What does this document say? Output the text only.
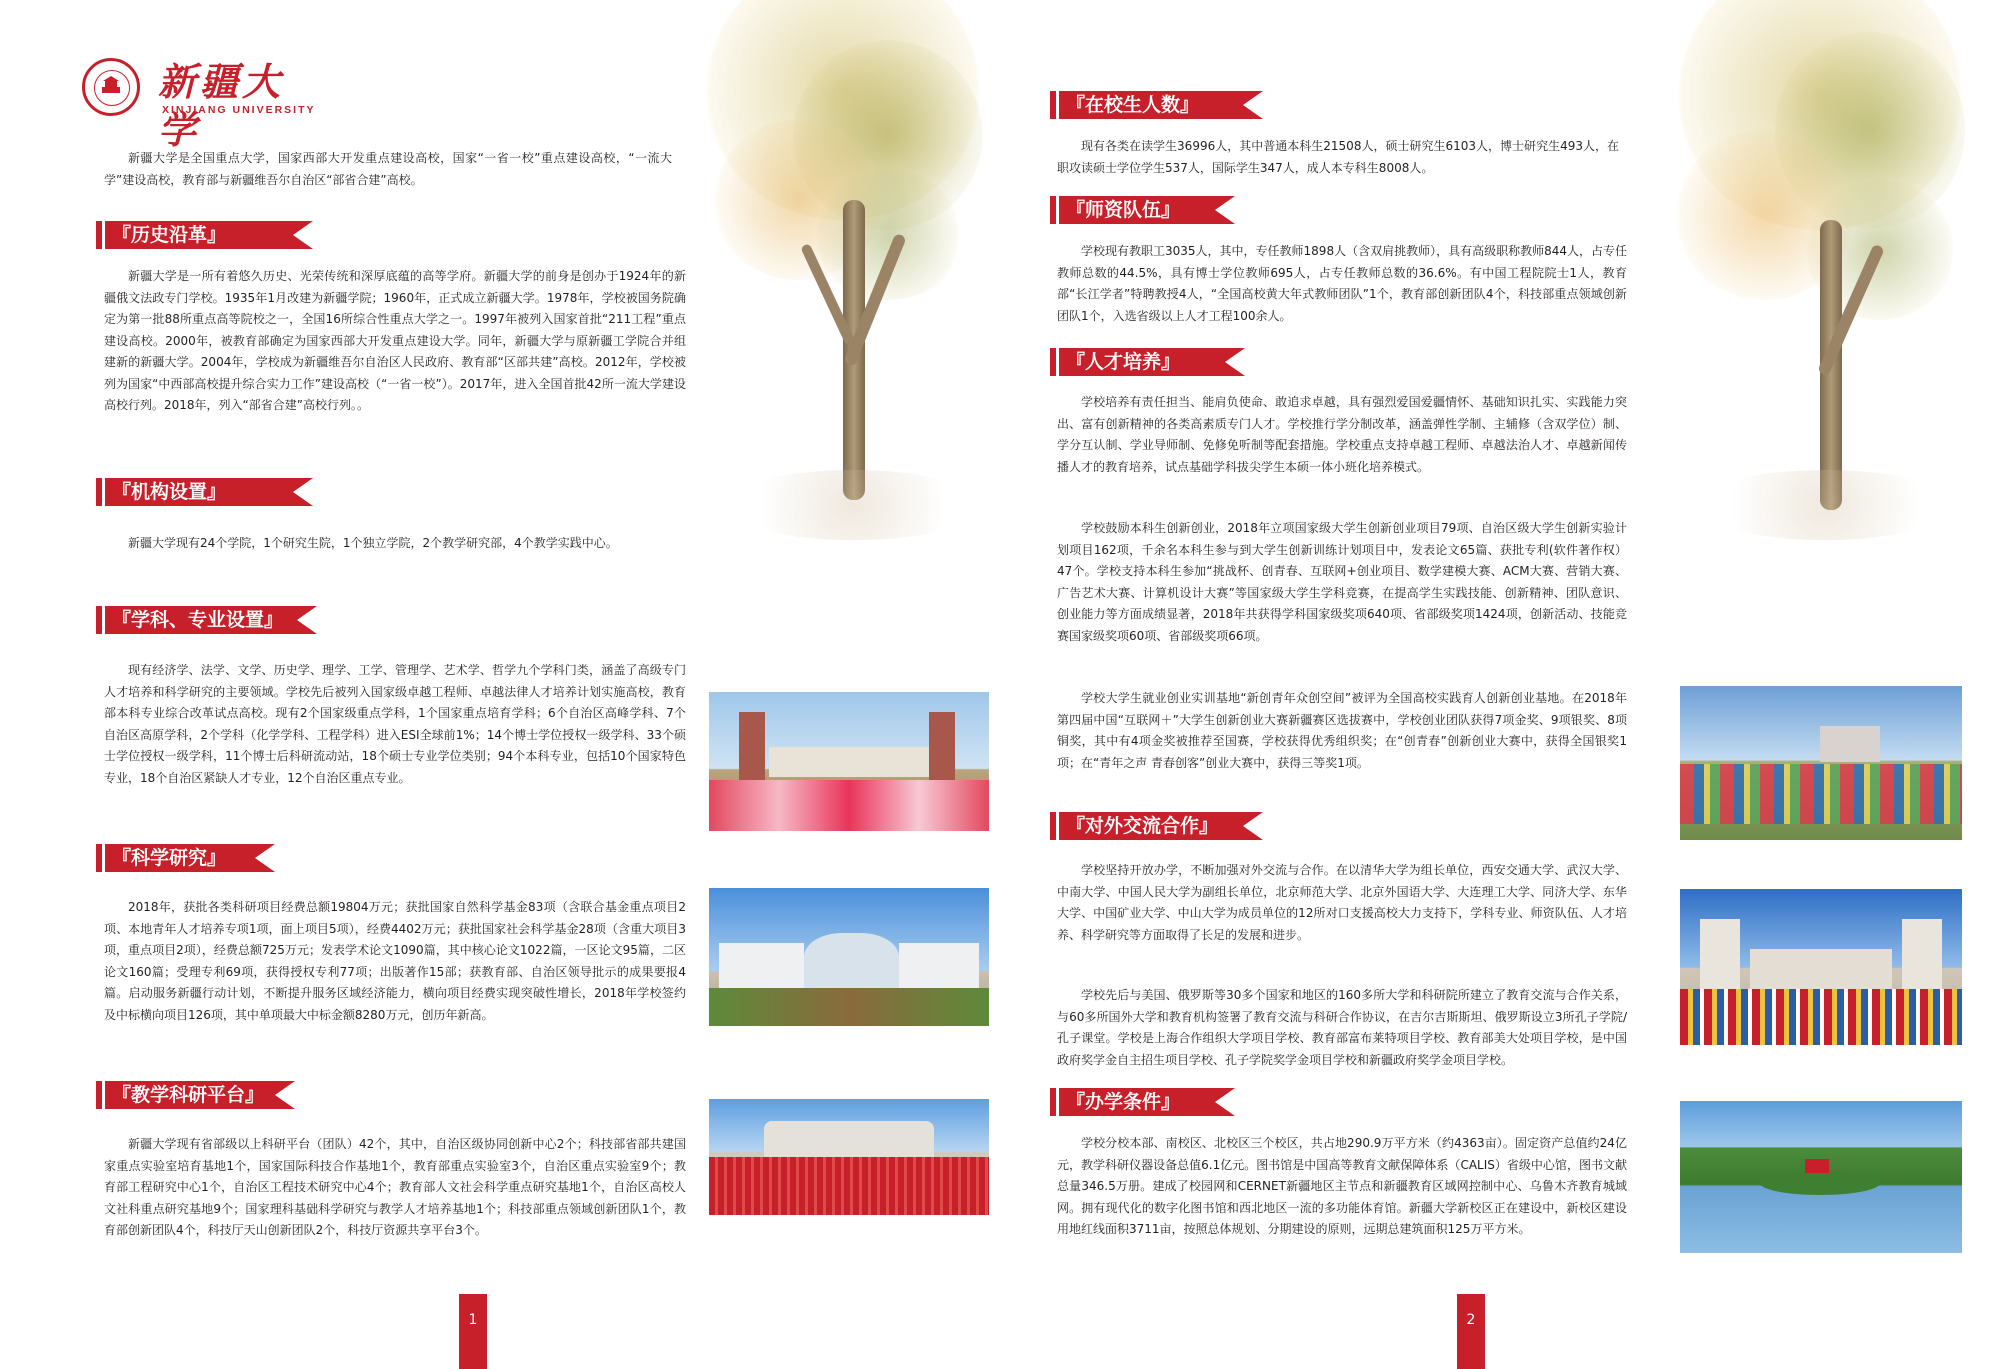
新疆大学
XINJIANG UNIVERSITY

新疆大学是全国重点大学，国家西部大开发重点建设高校，国家“一省一校”重点建设高校，“一流大学”建设高校，教育部与新疆维吾尔自治区“部省合建”高校。

『历史沿革』

新疆大学是一所有着悠久历史、光荣传统和深厚底蕴的高等学府。新疆大学的前身是创办于1924年的新疆俄文法政专门学校。1935年1月改建为新疆学院；1960年，正式成立新疆大学。1978年，学校被国务院确定为第一批88所重点高等院校之一，全国16所综合性重点大学之一。1997年被列入国家首批“211工程”重点建设高校。2000年，被教育部确定为国家西部大开发重点建设大学。同年，新疆大学与原新疆工学院合并组建新的新疆大学。2004年，学校成为新疆维吾尔自治区人民政府、教育部“区部共建”高校。2012年，学校被列为国家“中西部高校提升综合实力工作”建设高校（“一省一校”）。2017年，进入全国首批42所一流大学建设高校行列。2018年，列入“部省合建”高校行列。。

『机构设置』

新疆大学现有24个学院，1个研究生院，1个独立学院，2个教学研究部，4个教学实践中心。

『学科、专业设置』

现有经济学、法学、文学、历史学、理学、工学、管理学、艺术学、哲学九个学科门类，涵盖了高级专门人才培养和科学研究的主要领域。学校先后被列入国家级卓越工程师、卓越法律人才培养计划实施高校，教育部本科专业综合改革试点高校。现有2个国家级重点学科，1个国家重点培育学科；6个自治区高峰学科、7个自治区高原学科，2个学科（化学学科、工程学科）进入ESI全球前1%；14个博士学位授权一级学科、33个硕士学位授权一级学科，11个博士后科研流动站，18个硕士专业学位类别；94个本科专业，包括10个国家特色专业，18个自治区紧缺人才专业，12个自治区重点专业。

『科学研究』

2018年，获批各类科研项目经费总额19804万元；获批国家自然科学基金83项（含联合基金重点项目2项、本地青年人才培养专项1项，面上项目5项），经费4402万元；获批国家社会科学基金28项（含重大项目3项，重点项目2项），经费总额725万元；发表学术论文1090篇，其中核心论文1022篇，一区论文95篇，二区论文160篇；受理专利69项，获得授权专利77项；出版著作15部；获教育部、自治区领导批示的成果要报4篇。启动服务新疆行动计划，不断提升服务区域经济能力，横向项目经费实现突破性增长，2018年学校签约及中标横向项目126项，其中单项最大中标金额8280万元，创历年新高。

『教学科研平台』

新疆大学现有省部级以上科研平台（团队）42个，其中，自治区级协同创新中心2个；科技部省部共建国家重点实验室培育基地1个，国家国际科技合作基地1个，教育部重点实验室3个，自治区重点实验室9个；教育部工程研究中心1个，自治区工程技术研究中心4个；教育部人文社会科学重点研究基地1个，自治区高校人文社科重点研究基地9个；国家理科基础科学研究与教学人才培养基地1个；科技部重点领域创新团队1个，教育部创新团队4个，科技厅天山创新团队2个，科技厅资源共享平台3个。

1
『在校生人数』

现有各类在读学生36996人，其中普通本科生21508人，硕士研究生6103人，博士研究生493人，在职攻读硕士学位学生537人，国际学生347人，成人本专科生8008人。

『师资队伍』

学校现有教职工3035人，其中，专任教师1898人（含双肩挑教师），具有高级职称教师844人，占专任教师总数的44.5%，具有博士学位教师695人，占专任教师总数的36.6%。有中国工程院院士1人，教育部“长江学者”特聘教授4人，“全国高校黄大年式教师团队”1个，教育部创新团队4个，科技部重点领域创新团队1个，入选省级以上人才工程100余人。

『人才培养』

学校培养有责任担当、能肩负使命、敢追求卓越，具有强烈爱国爱疆情怀、基础知识扎实、实践能力突出、富有创新精神的各类高素质专门人才。学校推行学分制改革，涵盖弹性学制、主辅修（含双学位）制、学分互认制、学业导师制、免修免听制等配套措施。学校重点支持卓越工程师、卓越法治人才、卓越新闻传播人才的教育培养，试点基础学科拔尖学生本硕一体小班化培养模式。

学校鼓励本科生创新创业，2018年立项国家级大学生创新创业项目79项、自治区级大学生创新实验计划项目162项，千余名本科生参与到大学生创新训练计划项目中，发表论文65篇、获批专利(软件著作权）47个。学校支持本科生参加“挑战杯、创青春、互联网+创业项目、数学建模大赛、ACM大赛、营销大赛、广告艺术大赛、计算机设计大赛”等国家级大学生学科竞赛，在提高学生实践技能、创新精神、团队意识、创业能力等方面成绩显著，2018年共获得学科国家级奖项640项、省部级奖项1424项，创新活动、技能竞赛国家级奖项60项、省部级奖项66项。

学校大学生就业创业实训基地“新创青年众创空间”被评为全国高校实践育人创新创业基地。在2018年第四届中国“互联网＋”大学生创新创业大赛新疆赛区选拔赛中，学校创业团队获得7项金奖、9项银奖、8项铜奖，其中有4项金奖被推荐至国赛，学校获得优秀组织奖；在“创青春”创新创业大赛中，获得全国银奖1项；在“青年之声 青春创客”创业大赛中，获得三等奖1项。

『对外交流合作』

学校坚持开放办学，不断加强对外交流与合作。在以清华大学为组长单位，西安交通大学、武汉大学、中南大学、中国人民大学为副组长单位，北京师范大学、北京外国语大学、大连理工大学、同济大学、东华大学、中国矿业大学、中山大学为成员单位的12所对口支援高校大力支持下，学科专业、师资队伍、人才培养、科学研究等方面取得了长足的发展和进步。

学校先后与美国、俄罗斯等30多个国家和地区的160多所大学和科研院所建立了教育交流与合作关系，与60多所国外大学和教育机构签署了教育交流与科研合作协议，在吉尔吉斯斯坦、俄罗斯设立3所孔子学院/孔子课堂。学校是上海合作组织大学项目学校、教育部富布莱特项目学校、教育部美大处项目学校，是中国政府奖学金自主招生项目学校、孔子学院奖学金项目学校和新疆政府奖学金项目学校。

『办学条件』

学校分校本部、南校区、北校区三个校区，共占地290.9万平方米（约4363亩）。固定资产总值约24亿元，教学科研仪器设备总值6.1亿元。图书馆是中国高等教育文献保障体系（CALIS）省级中心馆，图书文献总量346.5万册。建成了校园网和CERNET新疆地区主节点和新疆教育区域网控制中心、乌鲁木齐教育城域网。拥有现代化的数字化图书馆和西北地区一流的多功能体育馆。新疆大学新校区正在建设中，新校区建设用地红线面积3711亩，按照总体规划、分期建设的原则，远期总建筑面积125万平方米。

2
